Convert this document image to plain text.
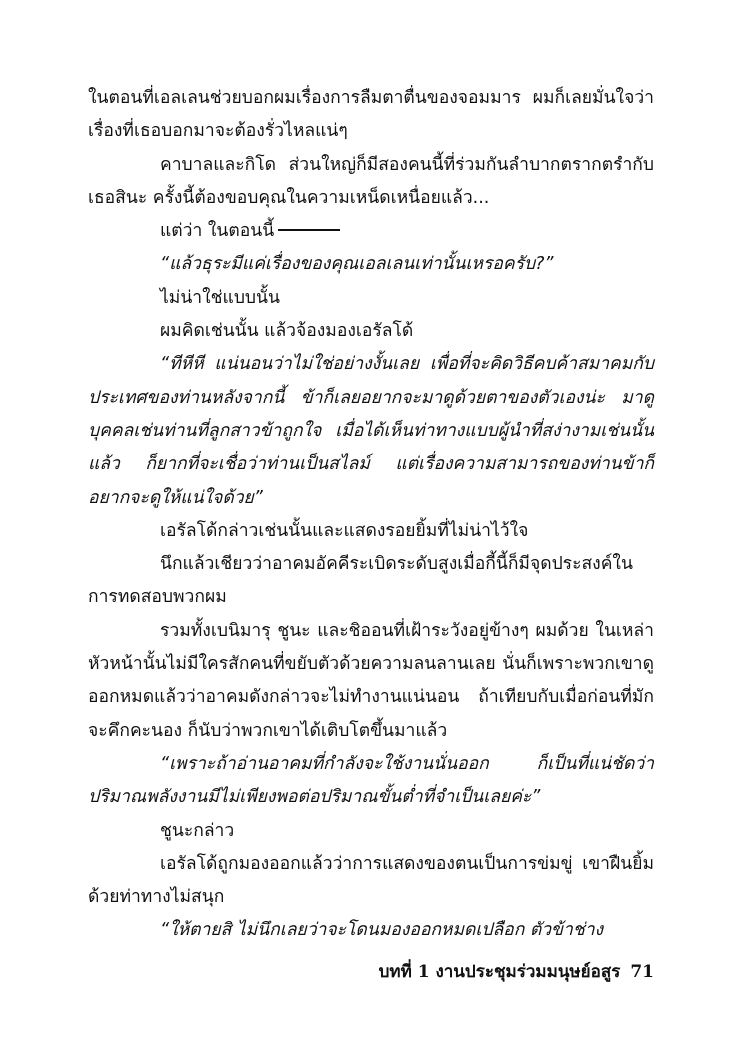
ในตอนที่เอลเลนช่วยบอกผมเรื่องการลืมตาตื่นของจอมมาร ผมก็เลยมั่นใจว่าเรื่องที่เธอบอกมาจะต้องรั่วไหลแน่ๆ

คาบาลและกิโด ส่วนใหญ่ก็มีสองคนนี้ที่ร่วมกันลำบากตรากตรำกับเธอสินะ ครั้งนี้ต้องขอบคุณในความเหน็ดเหนื่อยแล้ว...

แต่ว่า ในตอนนี้

“แล้วธุระมีแค่เรื่องของคุณเอลเลนเท่านั้นเหรอครับ?”

ไม่น่าใช่แบบนั้น

ผมคิดเช่นนั้น แล้วจ้องมองเอรัลโด้

“ทีหีหี แน่นอนว่าไม่ใช่อย่างงั้นเลย เพื่อที่จะคิดวิธีคบค้าสมาคมกับประเทศของท่านหลังจากนี้ ข้าก็เลยอยากจะมาดูด้วยตาของตัวเองน่ะ มาดูบุคคลเช่นท่านที่ลูกสาวข้าถูกใจ เมื่อได้เห็นท่าทางแบบผู้นำที่สง่างามเช่นนั้นแล้ว ก็ยากที่จะเชื่อว่าท่านเป็นสไลม์ แต่เรื่องความสามารถของท่านข้าก็อยากจะดูให้แน่ใจด้วย”

เอรัลโด้กล่าวเช่นนั้นและแสดงรอยยิ้มที่ไม่น่าไว้ใจ

นึกแล้วเชียวว่าอาคมอัคคีระเบิดระดับสูงเมื่อกี้นี้ก็มีจุดประสงค์ในการทดสอบพวกผม

รวมทั้งเบนิมารุ ชูนะ และชิออนที่เฝ้าระวังอยู่ข้างๆ ผมด้วย ในเหล่าหัวหน้านั้นไม่มีใครสักคนที่ขยับตัวด้วยความลนลานเลย นั่นก็เพราะพวกเขาดูออกหมดแล้วว่าอาคมดังกล่าวจะไม่ทำงานแน่นอน ถ้าเทียบกับเมื่อก่อนที่มักจะคึกคะนอง ก็นับว่าพวกเขาได้เติบโตขึ้นมาแล้ว

“เพราะถ้าอ่านอาคมที่กำลังจะใช้งานนั่นออก ก็เป็นที่แน่ชัดว่าปริมาณพลังงานมีไม่เพียงพอต่อปริมาณขั้นต่ำที่จำเป็นเลยค่ะ”

ชูนะกล่าว

เอรัลโด้ถูกมองออกแล้วว่าการแสดงของตนเป็นการข่มขู่ เขาฝืนยิ้มด้วยท่าทางไม่สนุก

“ให้ตายสิ ไม่นึกเลยว่าจะโดนมองออกหมดเปลือก ตัวข้าช่าง

บทที่ 1 งานประชุมร่วมมนุษย์อสูร 71
